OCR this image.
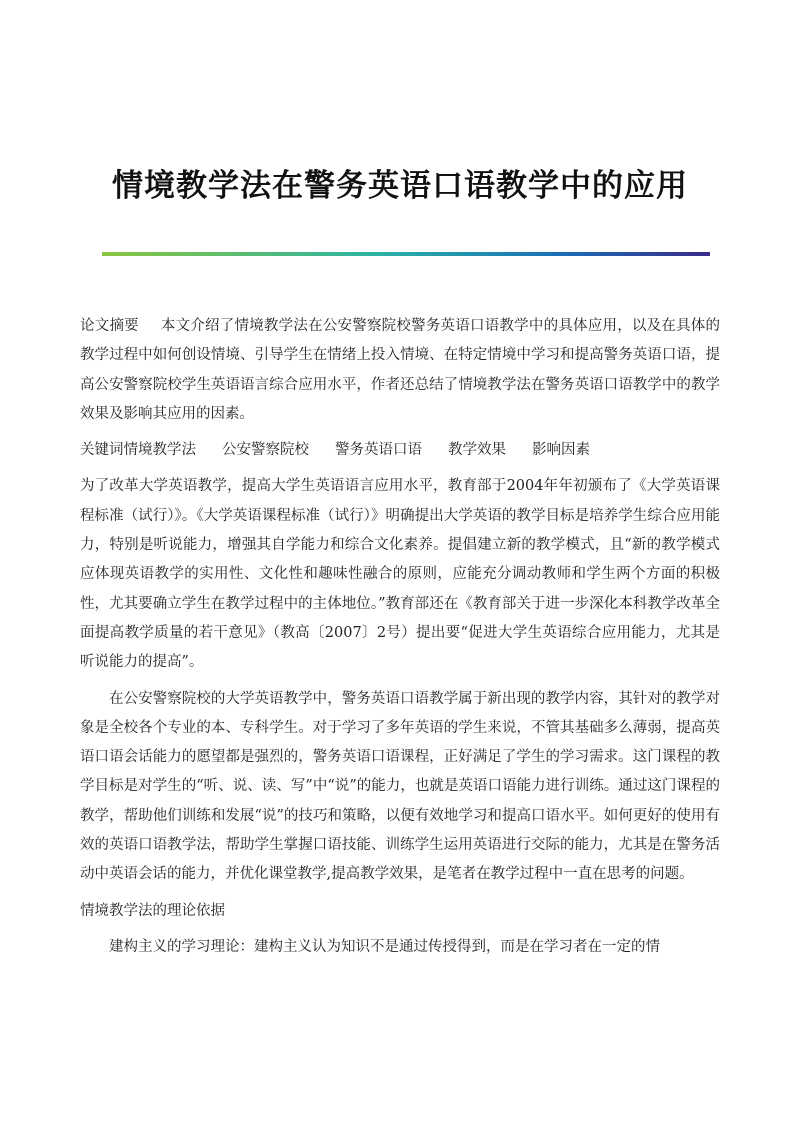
情境教学法在警务英语口语教学中的应用

论文摘要 本文介绍了情境教学法在公安警察院校警务英语口语教学中的具体应用，以及在具体的教学过程中如何创设情境、引导学生在情绪上投入情境、在特定情境中学习和提高警务英语口语，提高公安警察院校学生英语语言综合应用水平，作者还总结了情境教学法在警务英语口语教学中的教学效果及影响其应用的因素。

关键词情境教学法 公安警察院校 警务英语口语 教学效果 影响因素

为了改革大学英语教学，提高大学生英语语言应用水平，教育部于2004年年初颁布了《大学英语课程标准（试行）》。《大学英语课程标准（试行）》明确提出大学英语的教学目标是培养学生综合应用能力，特别是听说能力，增强其自学能力和综合文化素养。提倡建立新的教学模式，且“新的教学模式应体现英语教学的实用性、文化性和趣味性融合的原则，应能充分调动教师和学生两个方面的积极性，尤其要确立学生在教学过程中的主体地位。”教育部还在《教育部关于进一步深化本科教学改革全面提高教学质量的若干意见》（教高〔2007〕2号）提出要“促进大学生英语综合应用能力，尤其是听说能力的提高”。

在公安警察院校的大学英语教学中，警务英语口语教学属于新出现的教学内容，其针对的教学对象是全校各个专业的本、专科学生。对于学习了多年英语的学生来说，不管其基础多么薄弱，提高英语口语会话能力的愿望都是强烈的，警务英语口语课程，正好满足了学生的学习需求。这门课程的教学目标是对学生的“听、说、读、写”中“说”的能力，也就是英语口语能力进行训练。通过这门课程的教学，帮助他们训练和发展“说”的技巧和策略，以便有效地学习和提高口语水平。如何更好的使用有效的英语口语教学法，帮助学生掌握口语技能、训练学生运用英语进行交际的能力，尤其是在警务活动中英语会话的能力，并优化课堂教学,提高教学效果，是笔者在教学过程中一直在思考的问题。

情境教学法的理论依据

建构主义的学习理论：建构主义认为知识不是通过传授得到，而是在学习者在一定的情
